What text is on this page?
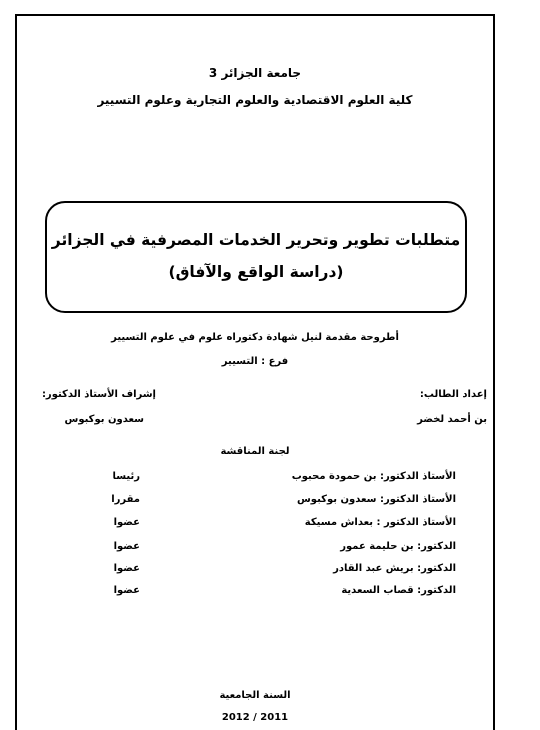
جامعة الجزائر 3
كلية العلوم الاقتصادية والعلوم التجارية وعلوم التسيير
متطلبات تطوير وتحرير الخدمات المصرفية في الجزائر
(دراسة الواقع والآفاق)
أطروحة مقدمة لنيل شهادة دكتوراه علوم في علوم التسيير
فرع : التسيير
إعداد الطالب:
بن أحمد لخضر
إشراف الأستاذ الدكتور:
سعدون بوكبوس
لجنة المناقشة
الأستاذ الدكتور: بن حمودة محبوب
رئيسا
الأستاذ الدكتور: سعدون بوكبوس
مقررا
الأستاذ الدكتور : بعداش مسيكة
عضوا
الدكتور: بن حليمة عمور
عضوا
الدكتور: بريش عبد القادر
عضوا
الدكتور: قصاب السعدية
عضوا
السنة الجامعية
2012 / 2011
